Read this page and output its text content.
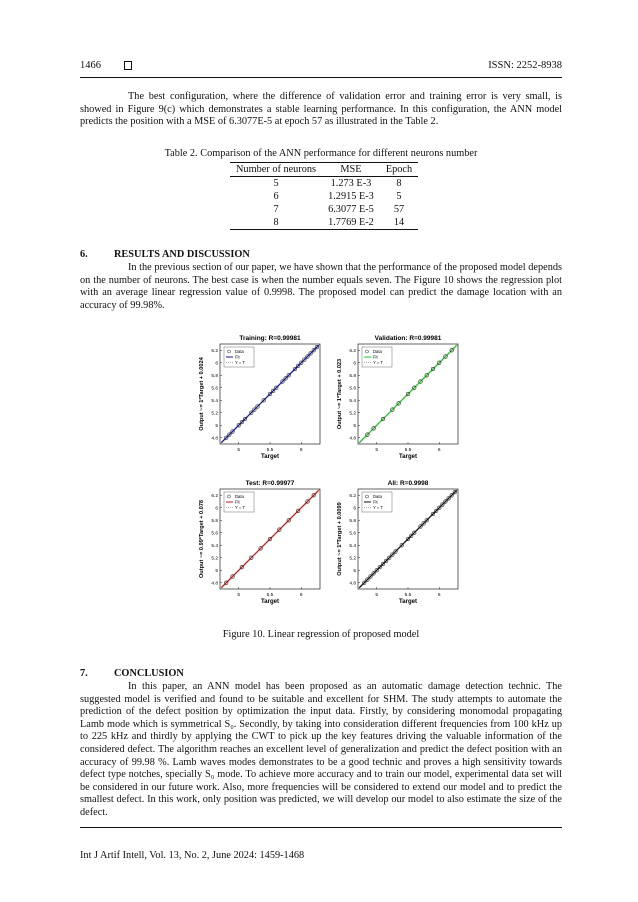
1466	ISSN: 2252-8938

The best configuration, where the difference of validation error and training error is very small, is showed in Figure 9(c) which demonstrates a stable learning performance. In this configuration, the ANN model predicts the position with a MSE of 6.3077E-5 at epoch 57 as illustrated in the Table 2.

Table 2. Comparison of the ANN performance for different neurons number
Number of neurons	MSE	Epoch
5	1.273 E-3	8
6	1.2915 E-3	5
7	6.3077 E-5	57
8	1.7769 E-2	14
6.	RESULTS AND DISCUSSION

In the previous section of our paper, we have shown that the performance of the proposed model depends on the number of neurons. The best case is when the number equals seven. The Figure 10 shows the regression plot with an average linear regression value of 0.9998. The proposed model can predict the damage location with an accuracy of 99.98%.

Training: R=0.99981
4.8
5
5.2
5.4
5.6
5.8
6
6.2
5	5.5	6
Target
Output ~= 1*Target + 0.0024
Data
Fit
Y = T
Validation: R=0.99981
4.8
5
5.2
5.4
5.6
5.8
6
6.2
5	5.5	6
Target
Output ~= 1*Target + 0.023
Data
Fit
Y = T
Test: R=0.99977
4.8
5
5.2
5.4
5.6
5.8
6
6.2
5	5.5	6
Target
Output ~= 0.99*Target + 0.078
Data
Fit
Y = T
All: R=0.9998
4.8
5
5.2
5.4
5.6
5.8
6
6.2
5	5.5	6
Target
Output ~= 1*Target + 0.0099
Data
Fit
Y = T
Figure 10. Linear regression of proposed model
7.	CONCLUSION

In this paper, an ANN model has been proposed as an automatic damage detection technic. The suggested model is verified and found to be suitable and excellent for SHM. The study attempts to automate the prediction of the defect position by optimization the input data. Firstly, by considering monomodal propagating Lamb mode which is symmetrical S₀. Secondly, by taking into consideration different frequencies from 100 kHz up to 225 kHz and thirdly by applying the CWT to pick up the key features driving the valuable information of the considered defect. The algorithm reaches an excellent level of generalization and predict the defect position with an accuracy of 99.98 %. Lamb waves modes demonstrates to be a good technic and proves a high sensitivity towards defect type notches, specially S₀ mode. To achieve more accuracy and to train our model, experimental data set will be considered in our future work. Also, more frequencies will be considered to extend our model and to predict the smallest defect. In this work, only position was predicted, we will develop our model to also estimate the size of the defect.

Int J Artif Intell, Vol. 13, No. 2, June 2024: 1459-1468
